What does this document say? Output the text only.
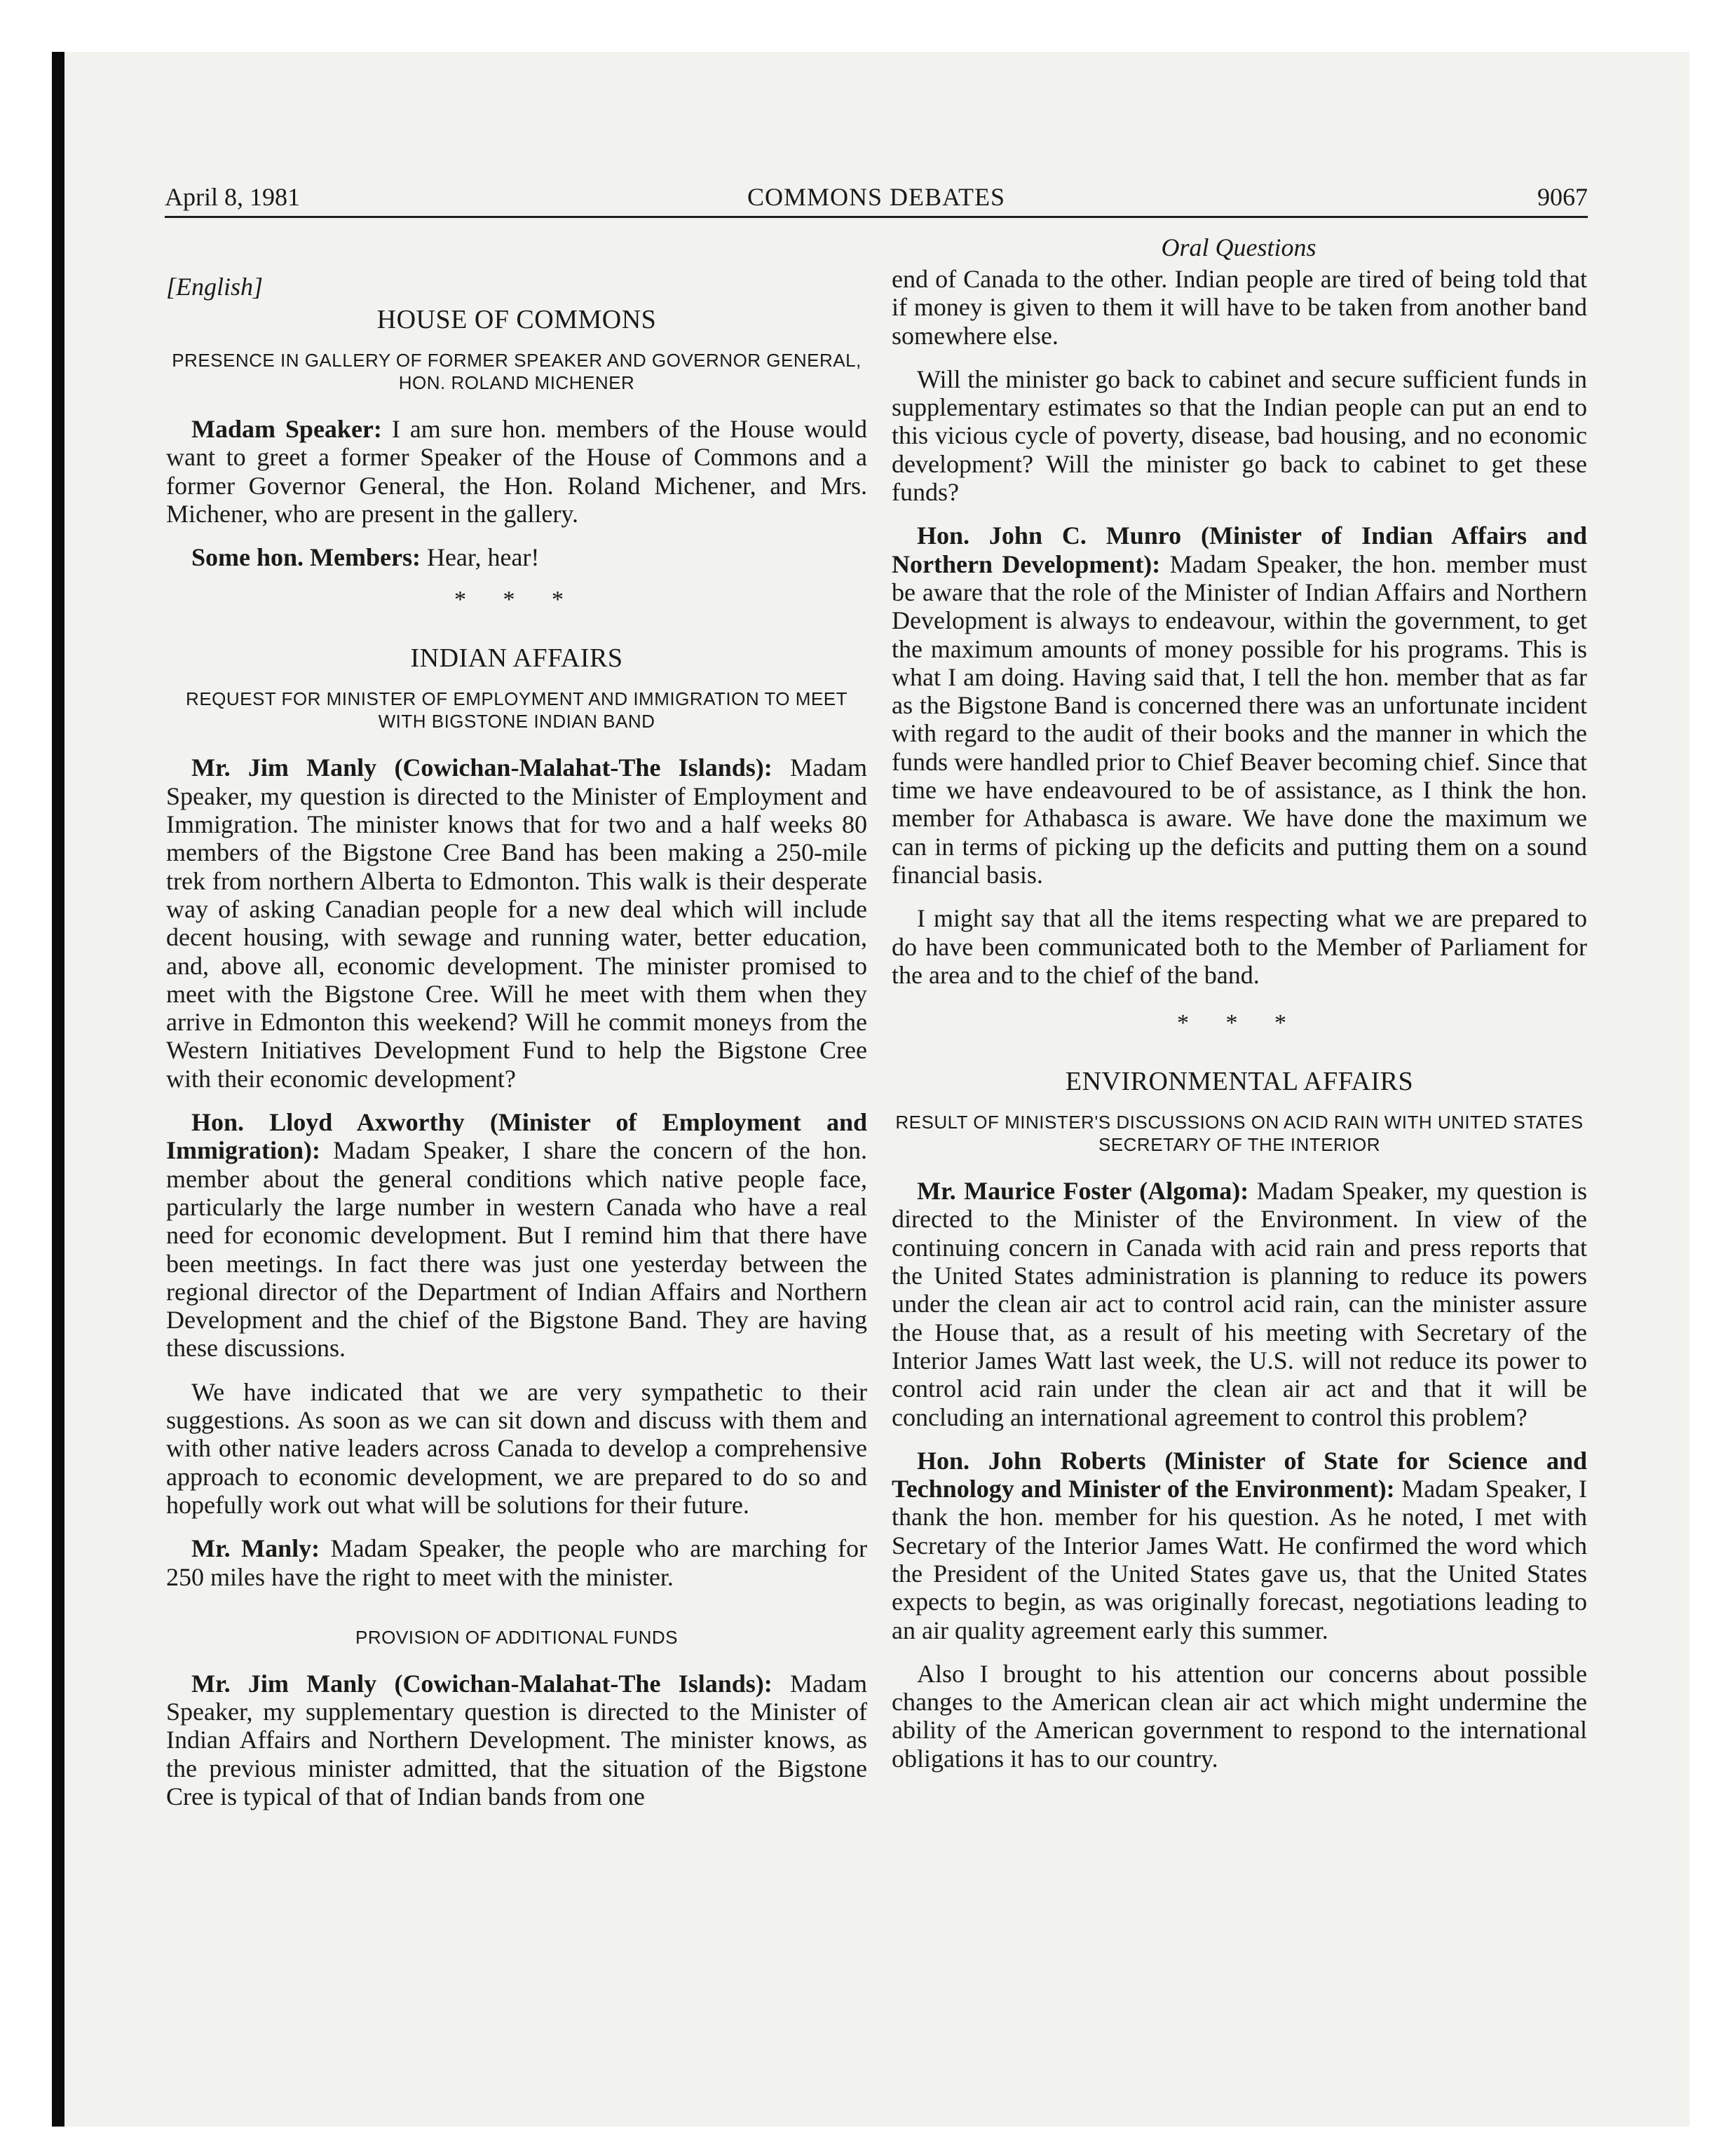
April 8, 1981	COMMONS DEBATES	9067
Oral Questions
[English]
HOUSE OF COMMONS
PRESENCE IN GALLERY OF FORMER SPEAKER AND GOVERNOR GENERAL, HON. ROLAND MICHENER

Madam Speaker: I am sure hon. members of the House would want to greet a former Speaker of the House of Commons and a former Governor General, the Hon. Roland Michener, and Mrs. Michener, who are present in the gallery.

Some hon. Members: Hear, hear!

* * *
INDIAN AFFAIRS
REQUEST FOR MINISTER OF EMPLOYMENT AND IMMIGRATION TO MEET WITH BIGSTONE INDIAN BAND

Mr. Jim Manly (Cowichan-Malahat-The Islands): Madam Speaker, my question is directed to the Minister of Employment and Immigration. The minister knows that for two and a half weeks 80 members of the Bigstone Cree Band has been making a 250-mile trek from northern Alberta to Edmonton. This walk is their desperate way of asking Canadian people for a new deal which will include decent housing, with sewage and running water, better education, and, above all, economic development. The minister promised to meet with the Bigstone Cree. Will he meet with them when they arrive in Edmonton this weekend? Will he commit moneys from the Western Initiatives Development Fund to help the Bigstone Cree with their economic development?

Hon. Lloyd Axworthy (Minister of Employment and Immigration): Madam Speaker, I share the concern of the hon. member about the general conditions which native people face, particularly the large number in western Canada who have a real need for economic development. But I remind him that there have been meetings. In fact there was just one yesterday between the regional director of the Department of Indian Affairs and Northern Development and the chief of the Bigstone Band. They are having these discussions.

We have indicated that we are very sympathetic to their suggestions. As soon as we can sit down and discuss with them and with other native leaders across Canada to develop a comprehensive approach to economic development, we are prepared to do so and hopefully work out what will be solutions for their future.

Mr. Manly: Madam Speaker, the people who are marching for 250 miles have the right to meet with the minister.

PROVISION OF ADDITIONAL FUNDS

Mr. Jim Manly (Cowichan-Malahat-The Islands): Madam Speaker, my supplementary question is directed to the Minister of Indian Affairs and Northern Development. The minister knows, as the previous minister admitted, that the situation of the Bigstone Cree is typical of that of Indian bands from one

end of Canada to the other. Indian people are tired of being told that if money is given to them it will have to be taken from another band somewhere else.

Will the minister go back to cabinet and secure sufficient funds in supplementary estimates so that the Indian people can put an end to this vicious cycle of poverty, disease, bad housing, and no economic development? Will the minister go back to cabinet to get these funds?

Hon. John C. Munro (Minister of Indian Affairs and Northern Development): Madam Speaker, the hon. member must be aware that the role of the Minister of Indian Affairs and Northern Development is always to endeavour, within the government, to get the maximum amounts of money possible for his programs. This is what I am doing. Having said that, I tell the hon. member that as far as the Bigstone Band is concerned there was an unfortunate incident with regard to the audit of their books and the manner in which the funds were handled prior to Chief Beaver becoming chief. Since that time we have endeavoured to be of assistance, as I think the hon. member for Athabasca is aware. We have done the maximum we can in terms of picking up the deficits and putting them on a sound financial basis.

I might say that all the items respecting what we are prepared to do have been communicated both to the Member of Parliament for the area and to the chief of the band.

* * *
ENVIRONMENTAL AFFAIRS
RESULT OF MINISTER'S DISCUSSIONS ON ACID RAIN WITH UNITED STATES SECRETARY OF THE INTERIOR

Mr. Maurice Foster (Algoma): Madam Speaker, my question is directed to the Minister of the Environment. In view of the continuing concern in Canada with acid rain and press reports that the United States administration is planning to reduce its powers under the clean air act to control acid rain, can the minister assure the House that, as a result of his meeting with Secretary of the Interior James Watt last week, the U.S. will not reduce its power to control acid rain under the clean air act and that it will be concluding an international agreement to control this problem?

Hon. John Roberts (Minister of State for Science and Technology and Minister of the Environment): Madam Speaker, I thank the hon. member for his question. As he noted, I met with Secretary of the Interior James Watt. He confirmed the word which the President of the United States gave us, that the United States expects to begin, as was originally forecast, negotiations leading to an air quality agreement early this summer.

Also I brought to his attention our concerns about possible changes to the American clean air act which might undermine the ability of the American government to respond to the international obligations it has to our country.
